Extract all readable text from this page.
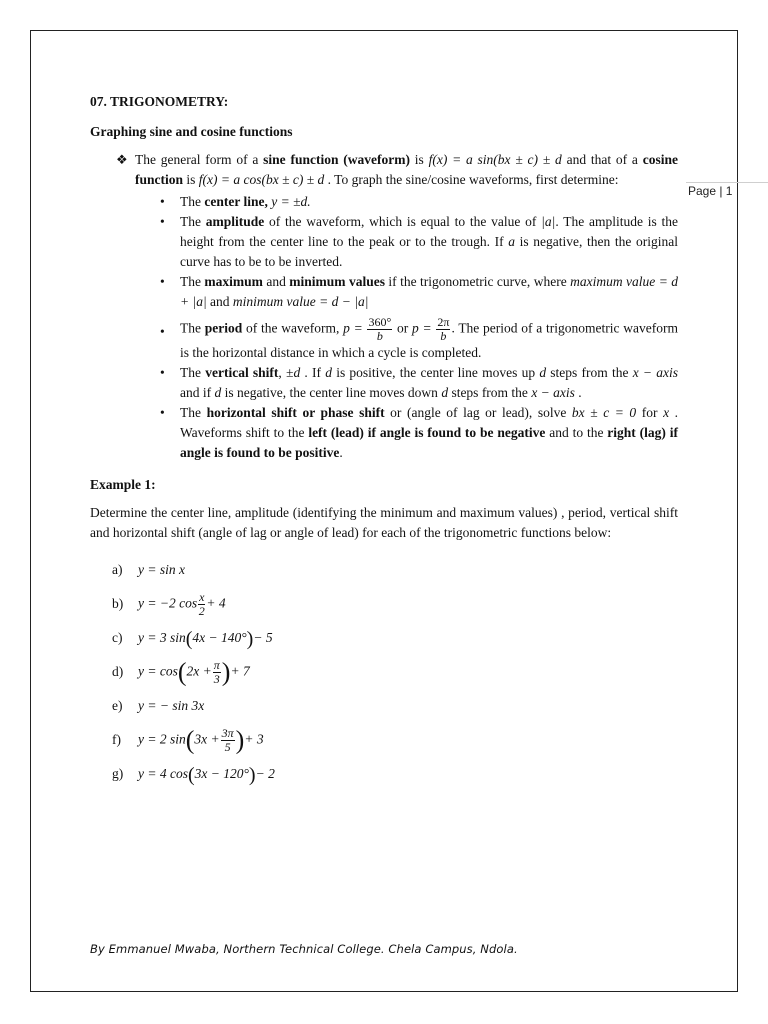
Page | 1
07. TRIGONOMETRY:
Graphing sine and cosine functions

❖ The general form of a sine function (waveform) is f(x) = a sin(bx ± c) ± d and that of a cosine function is f(x) = a cos(bx ± c) ± d . To graph the sine/cosine waveforms, first determine:

• The center line, y = ±d.
• The amplitude of the waveform, which is equal to the value of |a|. The amplitude is the height from the center line to the peak or to the trough. If a is negative, then the original curve has to be to be inverted.
• The maximum and minimum values if the trigonometric curve, where maximum value = d + |a| and minimum value = d − |a|
• The period of the waveform, $p = \frac{360^\circ}{b}$ or $p = \frac{2\pi}{b}$ . The period of a trigonometric waveform is the horizontal distance in which a cycle is completed.
• The vertical shift, ±d . If d is positive, the center line moves up d steps from the x − axis and if d is negative, the center line moves down d steps from the x − axis .
• The horizontal shift or phase shift or (angle of lag or lead), solve bx ± c = 0 for x . Waveforms shift to the left (lead) if angle is found to be negative and to the right (lag) if angle is found to be positive.
Example 1:

Determine the center line, amplitude (identifying the minimum and maximum values) , period, vertical shift and horizontal shift (angle of lag or angle of lead) for each of the trigonometric functions below:

a) y = sin x
b) y = −2 $\cos \frac{x}{2} + 4$
c) y = 3 sin(4x − 140°)− 5
d) $y = \cos(2x + \frac{\pi}{3}$ )+ 7
e) y = − sin 3x
f) y = 2 $\sin(3x + \frac{3\pi}{5}$ )+ 3
g) y = 4 cos(3x − 120°)− 2
By Emmanuel Mwaba, Northern Technical College. Chela Campus, Ndola.
